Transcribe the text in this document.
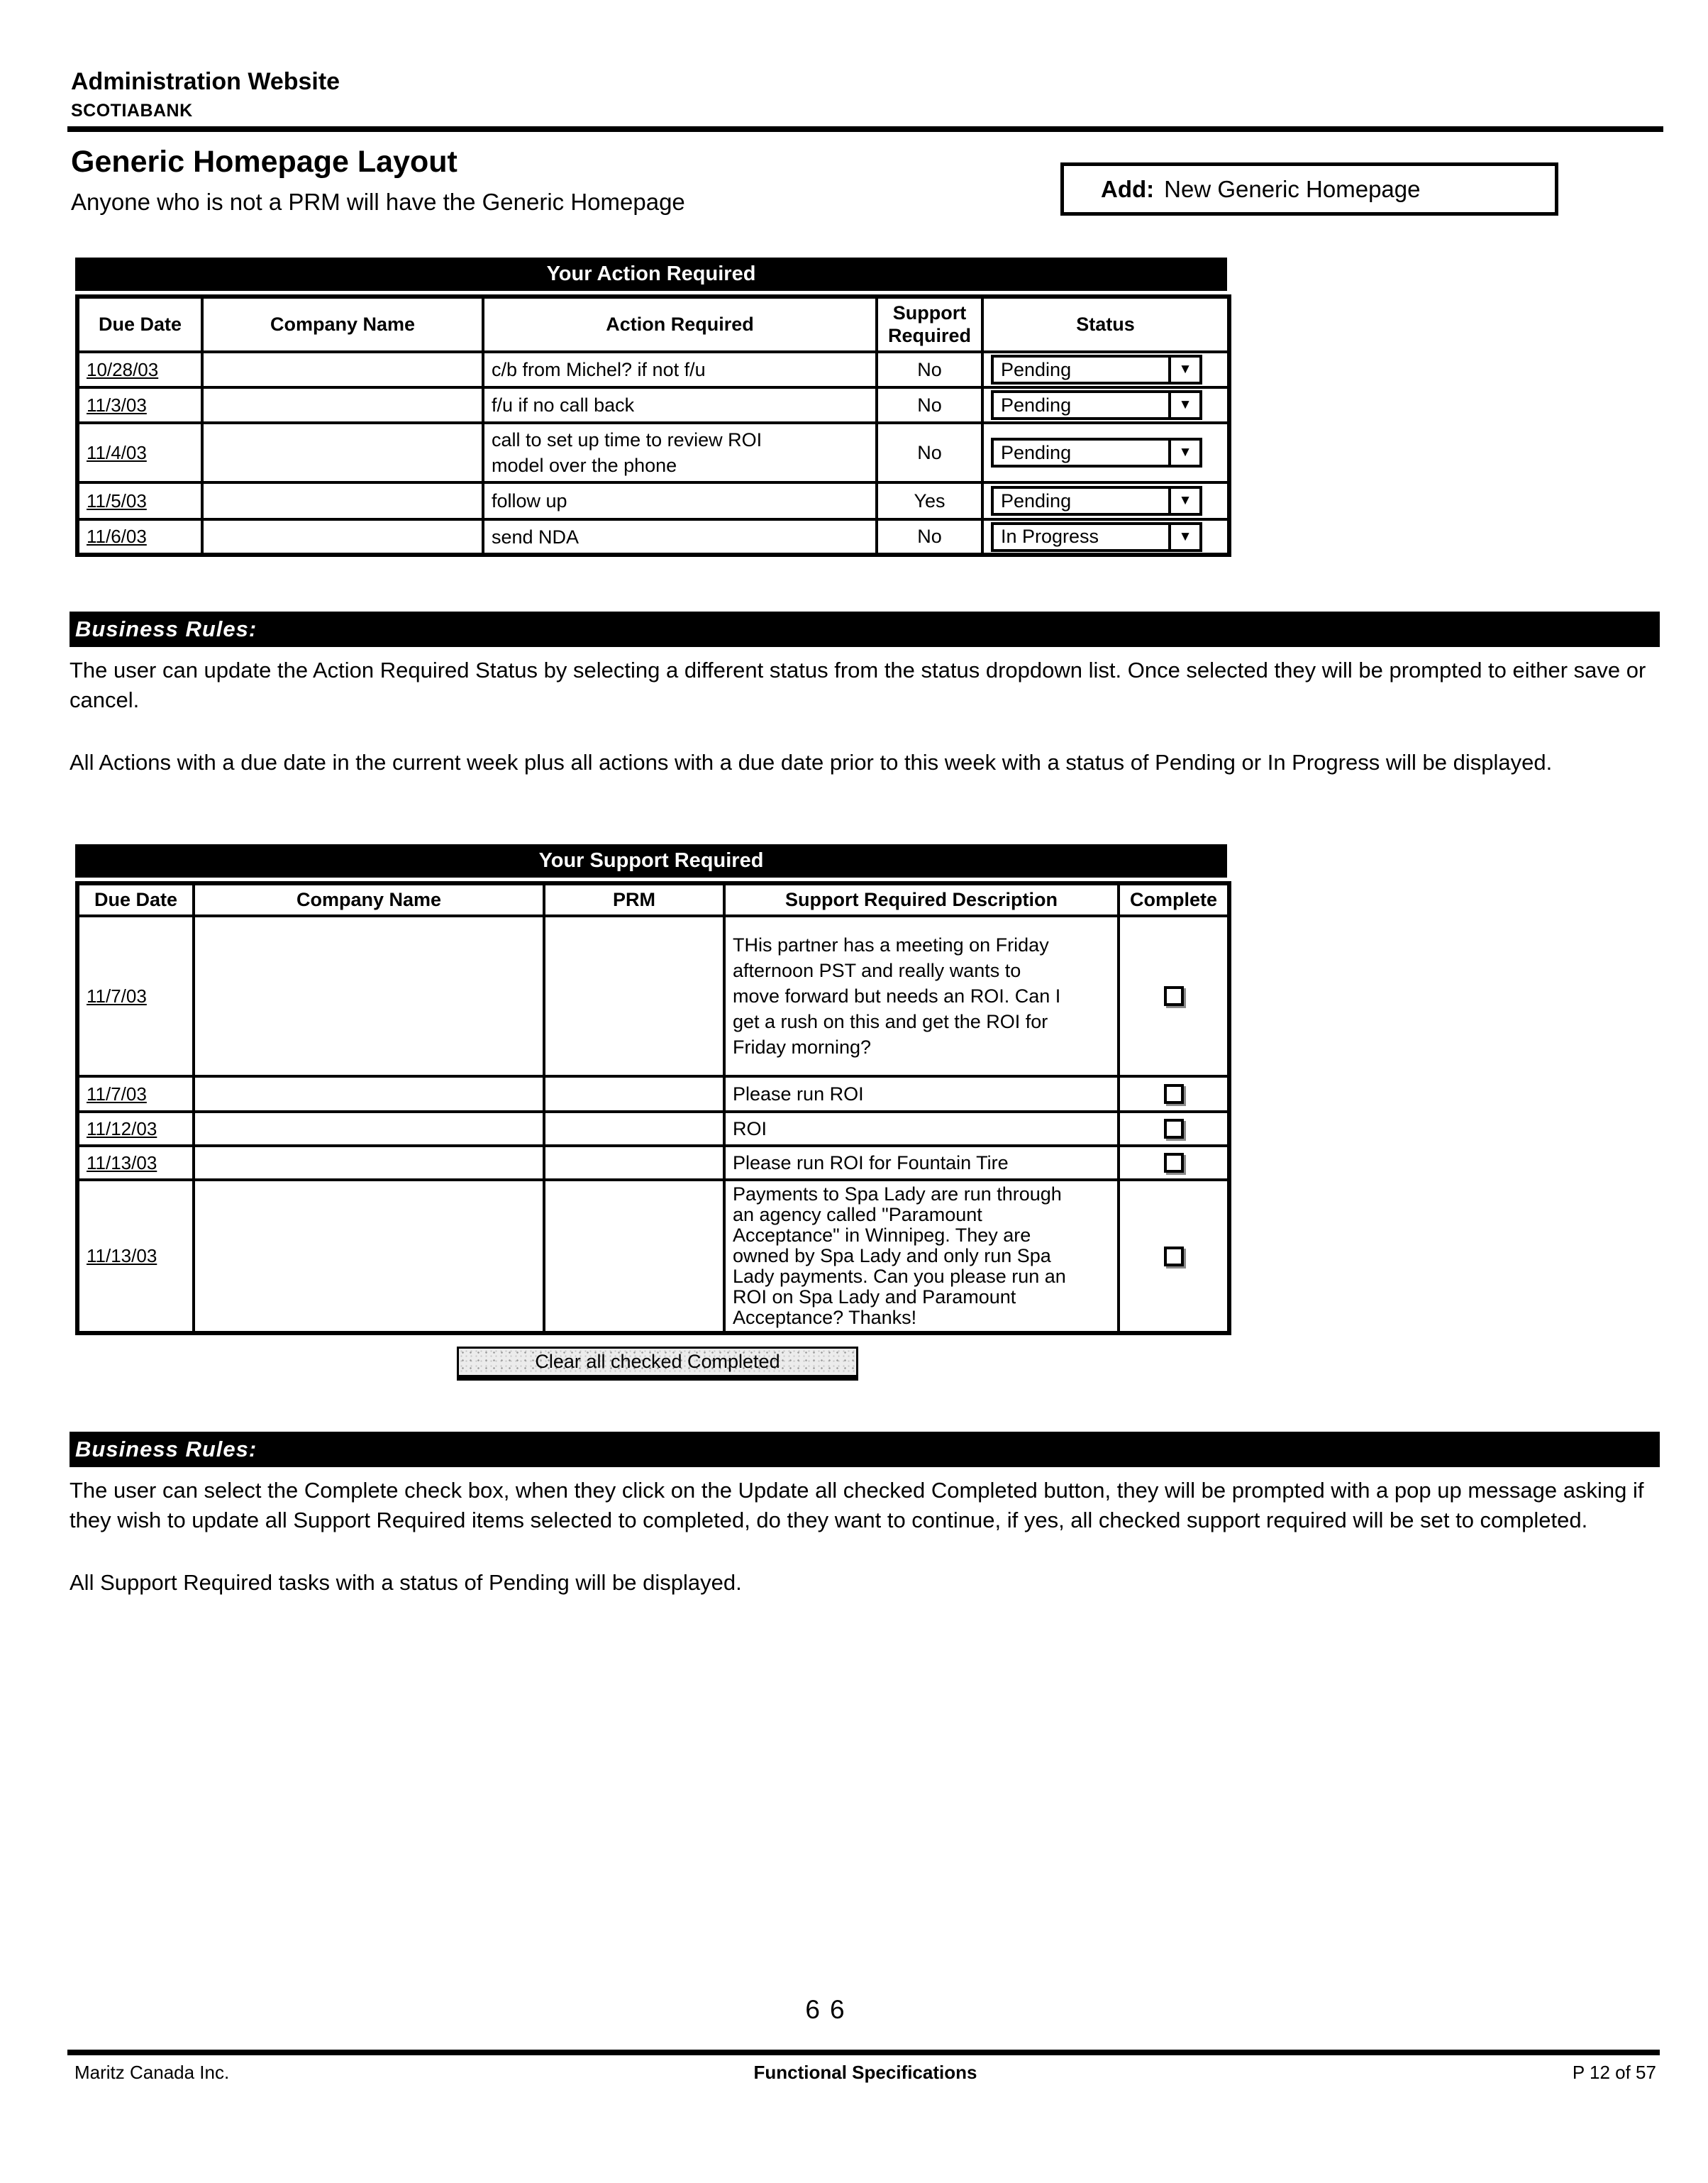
Administration Website
SCOTIABANK
Generic Homepage Layout
Anyone who is not a PRM will have the Generic Homepage	Add: New Generic Homepage
Your Action Required
Due Date	Company Name	Action Required	Support Required	Status
10/28/03		c/b from Michel? if not f/u	No	Pending ▼

11/3/03		f/u if no call back	No	Pending ▼

11/4/03		call to set up time to review ROI model over the phone	No	Pending ▼

11/5/03		follow up	Yes	Pending ▼

11/6/03		send NDA	No	In Progress ▼
Business Rules:

The user can update the Action Required Status by selecting a different status from the status dropdown list. Once selected they will be prompted to either save or cancel.

All Actions with a due date in the current week plus all actions with a due date prior to this week with a status of Pending or In Progress will be displayed.

Your Support Required
Due Date	Company Name	PRM	Support Required Description	Complete
11/7/03			THis partner has a meeting on Friday afternoon PST and really wants to move forward but needs an ROI. Can I get a rush on this and get the ROI for Friday morning?	

11/7/03			Please run ROI	

11/12/03			ROI	

11/13/03			Please run ROI for Fountain Tire	

11/13/03			Payments to Spa Lady are run through an agency called "Paramount Acceptance" in Winnipeg. They are owned by Spa Lady and only run Spa Lady payments. Can you please run an ROI on Spa Lady and Paramount Acceptance? Thanks!	
Clear all checked Completed
Business Rules:

The user can select the Complete check box, when they click on the Update all checked Completed button, they will be prompted with a pop up message asking if they wish to update all Support Required items selected to completed, do they want to continue, if yes, all checked support required will be set to completed.

All Support Required tasks with a status of Pending will be displayed.

66
Maritz Canada Inc.	Functional Specifications	P 12 of 57
